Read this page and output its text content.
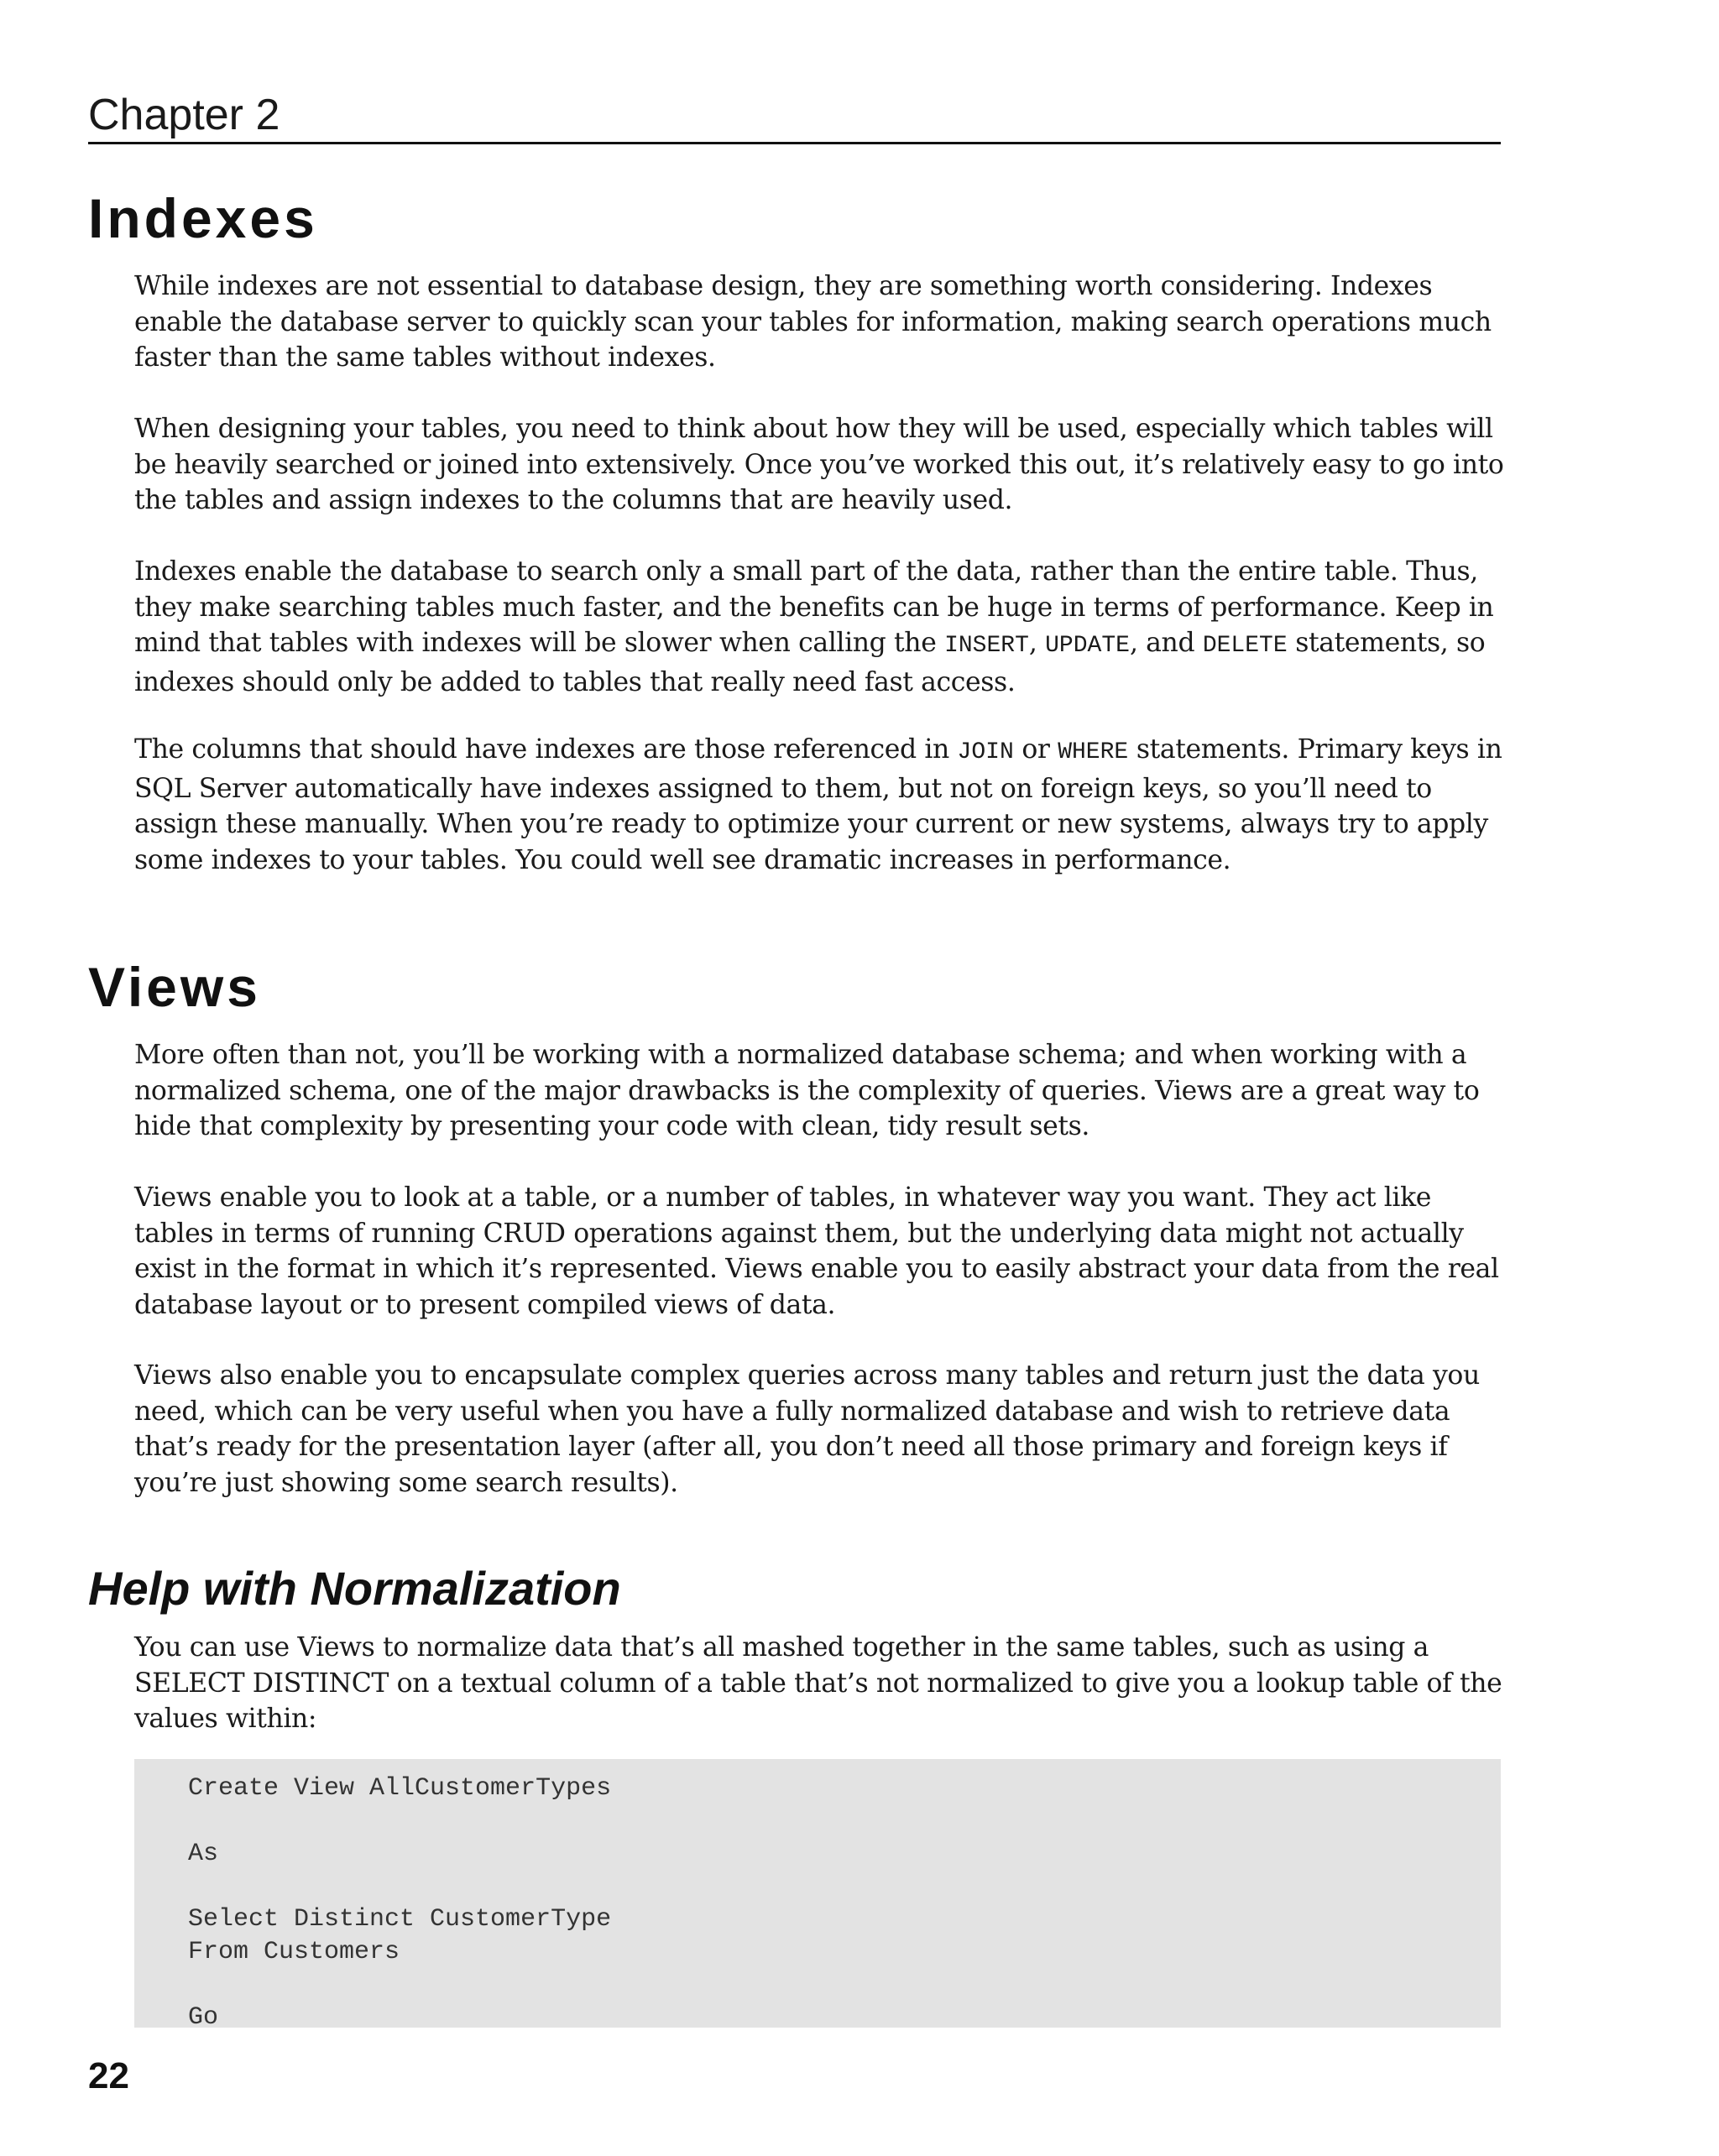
Chapter 2
Indexes

While indexes are not essential to database design, they are something worth considering. Indexes enable the database server to quickly scan your tables for information, making search operations much faster than the same tables without indexes.

When designing your tables, you need to think about how they will be used, especially which tables will be heavily searched or joined into extensively. Once you’ve worked this out, it’s relatively easy to go into the tables and assign indexes to the columns that are heavily used.

Indexes enable the database to search only a small part of the data, rather than the entire table. Thus, they make searching tables much faster, and the benefits can be huge in terms of performance. Keep in mind that tables with indexes will be slower when calling the INSERT, UPDATE, and DELETE statements, so indexes should only be added to tables that really need fast access.

The columns that should have indexes are those referenced in JOIN or WHERE statements. Primary keys in SQL Server automatically have indexes assigned to them, but not on foreign keys, so you’ll need to assign these manually. When you’re ready to optimize your current or new systems, always try to apply some indexes to your tables. You could well see dramatic increases in performance.

Views

More often than not, you’ll be working with a normalized database schema; and when working with a normalized schema, one of the major drawbacks is the complexity of queries. Views are a great way to hide that complexity by presenting your code with clean, tidy result sets.

Views enable you to look at a table, or a number of tables, in whatever way you want. They act like tables in terms of running CRUD operations against them, but the underlying data might not actually exist in the format in which it’s represented. Views enable you to easily abstract your data from the real database layout or to present compiled views of data.

Views also enable you to encapsulate complex queries across many tables and return just the data you need, which can be very useful when you have a fully normalized database and wish to retrieve data that’s ready for the presentation layer (after all, you don’t need all those primary and foreign keys if you’re just showing some search results).

Help with Normalization

You can use Views to normalize data that’s all mashed together in the same tables, such as using a SELECT DISTINCT on a textual column of a table that’s not normalized to give you a lookup table of the values within:

Create View AllCustomerTypes
As
Select Distinct CustomerType
From Customers
Go
22
